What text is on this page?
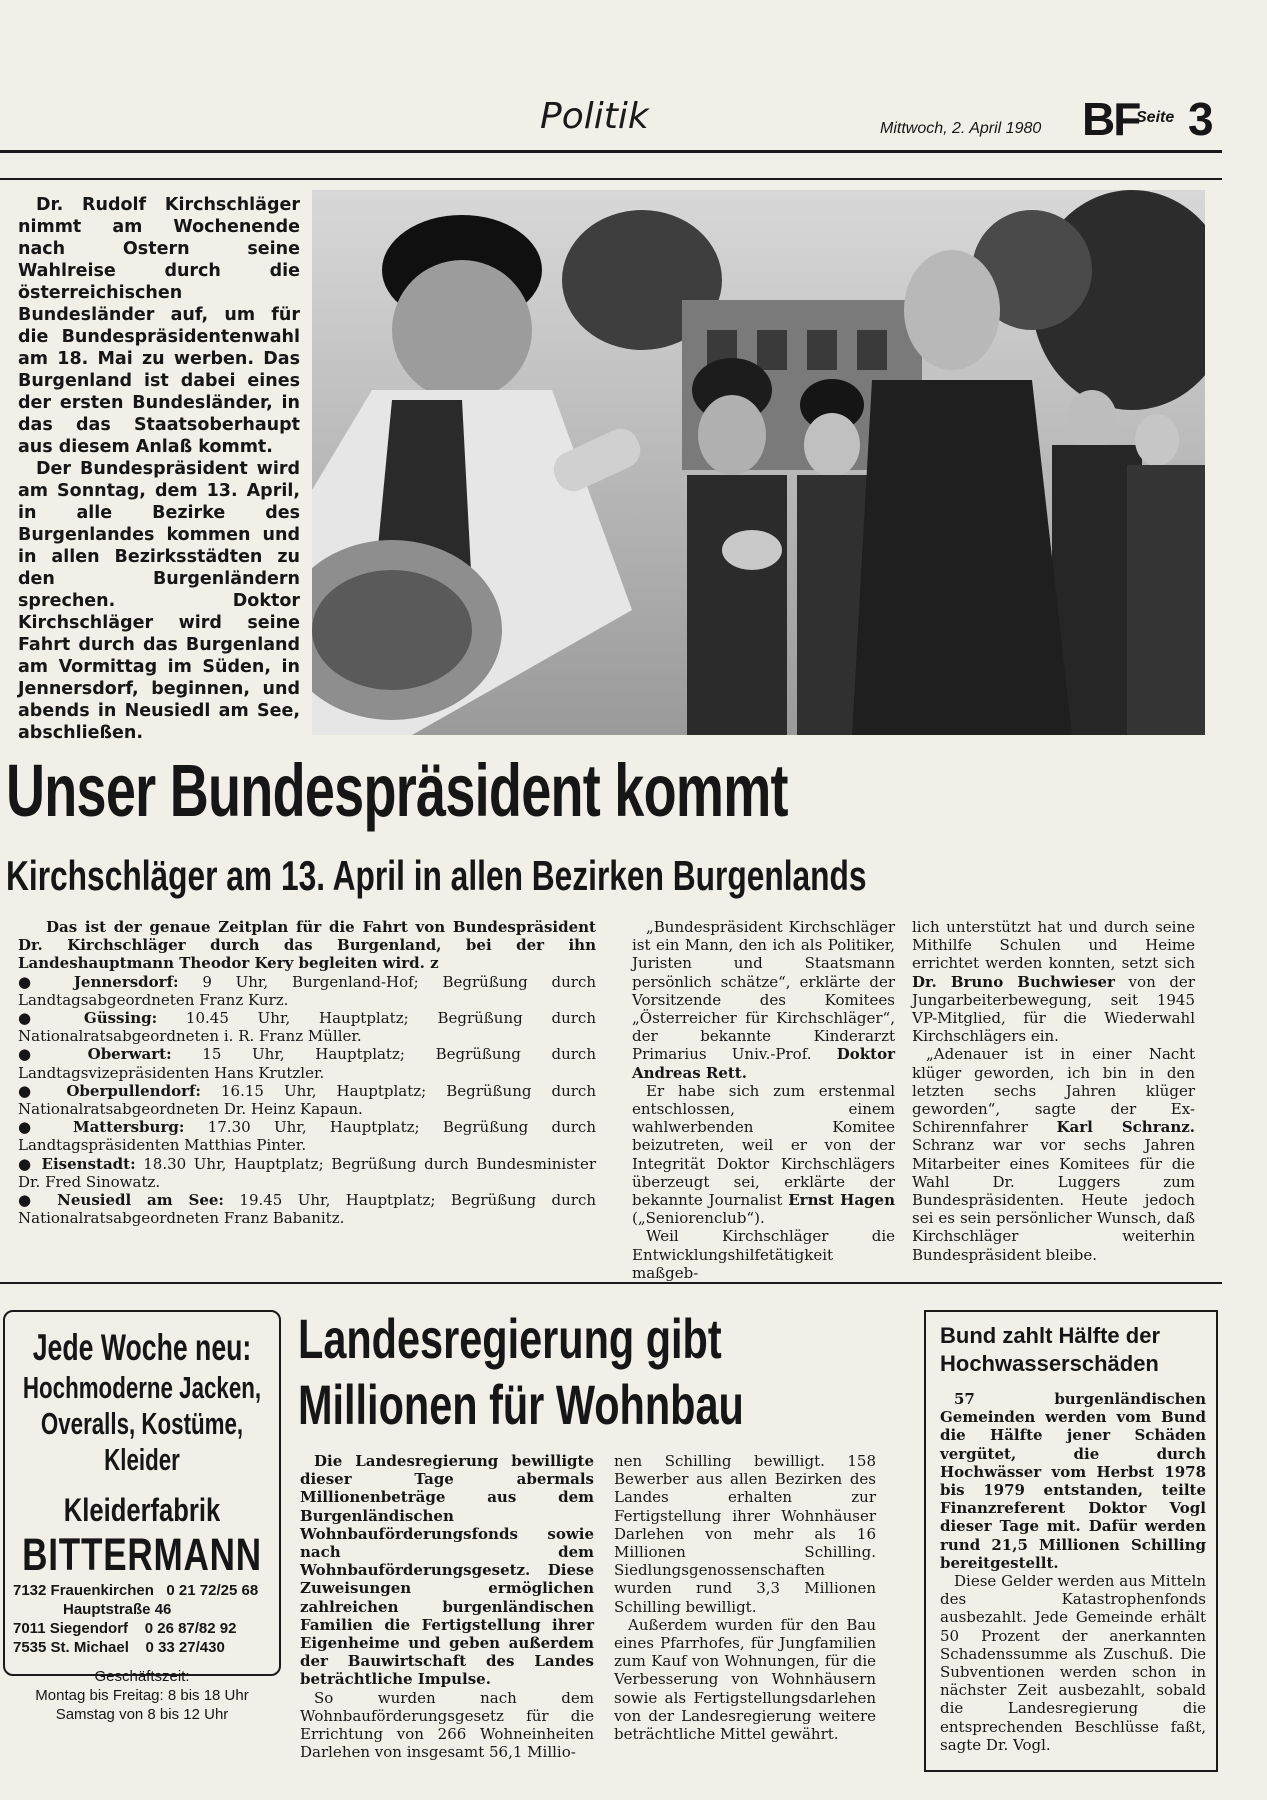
Politik	Mittwoch, 2. April 1980 BF
Seite 3

Dr. Rudolf Kirchschläger nimmt am Wochenende nach Ostern seine Wahlreise durch die österreichischen Bundesländer auf, um für die Bundespräsidentenwahl am 18. Mai zu werben. Das Burgenland ist dabei eines der ersten Bundesländer, in das das Staatsoberhaupt aus diesem Anlaß kommt.

Der Bundespräsident wird am Sonntag, dem 13. April, in alle Bezirke des Burgenlandes kommen und in allen Bezirksstädten zu den Burgenländern sprechen. Doktor Kirchschläger wird seine Fahrt durch das Burgenland am Vormittag im Süden, in Jennersdorf, beginnen, und abends in Neusiedl am See, abschließen.

Unser Bundespräsident kommt
Kirchschläger am 13. April in allen Bezirken Burgenlands

Das ist der genaue Zeitplan für die Fahrt von Bundespräsident Dr. Kirchschläger durch das Burgenland, bei der ihn Landeshauptmann Theodor Kery begleiten wird. z

● Jennersdorf: 9 Uhr, Burgenland-Hof; Begrüßung durch Landtagsabgeordneten Franz Kurz.

● Güssing: 10.45 Uhr, Hauptplatz; Begrüßung durch Nationalratsabgeordneten i. R. Franz Müller.

● Oberwart: 15 Uhr, Hauptplatz; Begrüßung durch Landtagsvizepräsidenten Hans Krutzler.

● Oberpullendorf: 16.15 Uhr, Hauptplatz; Begrüßung durch Nationalratsabgeordneten Dr. Heinz Kapaun.

● Mattersburg: 17.30 Uhr, Hauptplatz; Begrüßung durch Landtagspräsidenten Matthias Pinter.

● Eisenstadt: 18.30 Uhr, Hauptplatz; Begrüßung durch Bundesminister Dr. Fred Sinowatz.

● Neusiedl am See: 19.45 Uhr, Hauptplatz; Begrüßung durch Nationalratsabgeordneten Franz Babanitz.

„Bundespräsident Kirchschläger ist ein Mann, den ich als Politiker, Juristen und Staatsmann persönlich schätze“, erklärte der Vorsitzende des Komitees „Österreicher für Kirchschläger“, der bekannte Kinderarzt Primarius Univ.-Prof. Doktor Andreas Rett.

Er habe sich zum erstenmal entschlossen, einem wahlwerbenden Komitee beizutreten, weil er von der Integrität Doktor Kirchschlägers überzeugt sei, erklärte der bekannte Journalist Ernst Hagen („Seniorenclub“).

Weil Kirchschläger die Entwicklungshilfetätigkeit maßgeb-

lich unterstützt hat und durch seine Mithilfe Schulen und Heime errichtet werden konnten, setzt sich Dr. Bruno Buchwieser von der Jungarbeiterbewegung, seit 1945 VP-Mitglied, für die Wiederwahl Kirchschlägers ein.

„Adenauer ist in einer Nacht klüger geworden, ich bin in den letzten sechs Jahren klüger geworden“, sagte der Ex-Schirennfahrer Karl Schranz. Schranz war vor sechs Jahren Mitarbeiter eines Komitees für die Wahl Dr. Luggers zum Bundespräsidenten. Heute jedoch sei es sein persönlicher Wunsch, daß Kirchschläger weiterhin Bundespräsident bleibe.

Jede Woche neu:
Hochmoderne Jacken,
Overalls, Kostüme,
Kleider
Kleiderfabrik
BITTERMANN
7132 Frauenkirchen   0 21 72/25 68
Hauptstraße 46
7011 Siegendorf    0 26 87/82 92
7535 St. Michael    0 33 27/430
Geschäftszeit:
Montag bis Freitag: 8 bis 18 Uhr
Samstag von 8 bis 12 Uhr
Landesregierung gibt
Millionen für Wohnbau

Die Landesregierung bewilligte dieser Tage abermals Millionenbeträge aus dem Burgenländischen Wohnbauförderungsfonds sowie nach dem Wohnbauförderungsgesetz. Diese Zuweisungen ermöglichen zahlreichen burgenländischen Familien die Fertigstellung ihrer Eigenheime und geben außerdem der Bauwirtschaft des Landes beträchtliche Impulse.

So wurden nach dem Wohnbauförderungsgesetz für die Errichtung von 266 Wohneinheiten Darlehen von insgesamt 56,1 Millio-

nen Schilling bewilligt. 158 Bewerber aus allen Bezirken des Landes erhalten zur Fertigstellung ihrer Wohnhäuser Darlehen von mehr als 16 Millionen Schilling. Siedlungsgenossenschaften wurden rund 3,3 Millionen Schilling bewilligt.

Außerdem wurden für den Bau eines Pfarrhofes, für Jungfamilien zum Kauf von Wohnungen, für die Verbesserung von Wohnhäusern sowie als Fertigstellungsdarlehen von der Landesregierung weitere beträchtliche Mittel gewährt.

Bund zahlt Hälfte der
Hochwasserschäden

57 burgenländischen Gemeinden werden vom Bund die Hälfte jener Schäden vergütet, die durch Hochwässer vom Herbst 1978 bis 1979 entstanden, teilte Finanzreferent Doktor Vogl dieser Tage mit. Dafür werden rund 21,5 Millionen Schilling bereitgestellt.

Diese Gelder werden aus Mitteln des Katastrophenfonds ausbezahlt. Jede Gemeinde erhält 50 Prozent der anerkannten Schadenssumme als Zuschuß. Die Subventionen werden schon in nächster Zeit ausbezahlt, sobald die Landesregierung die entsprechenden Beschlüsse faßt, sagte Dr. Vogl.
